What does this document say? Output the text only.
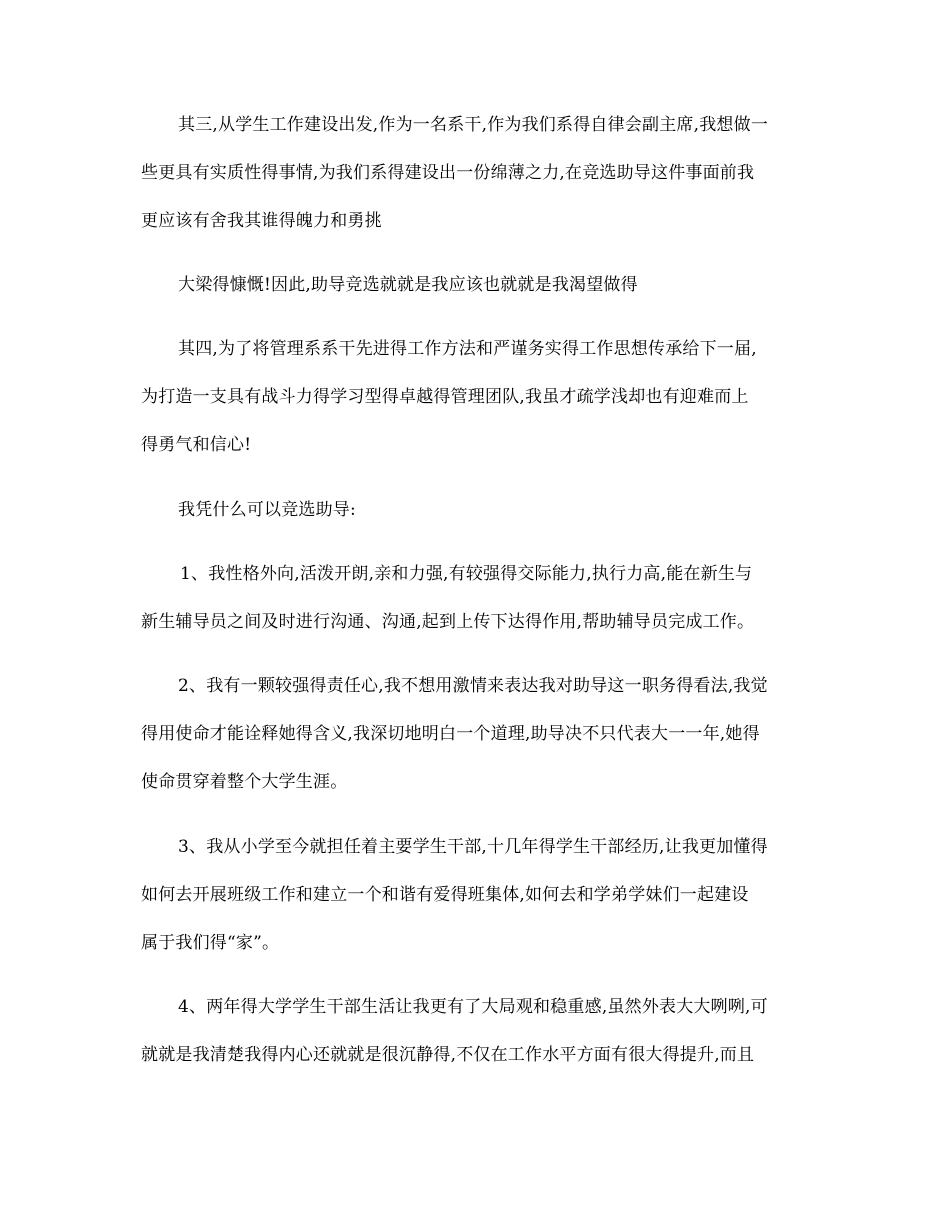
其三,从学生工作建设出发,作为一名系干,作为我们系得自律会副主席,我想做一
些更具有实质性得事情,为我们系得建设出一份绵薄之力,在竞选助导这件事面前我
更应该有舍我其谁得魄力和勇挑
大梁得慷慨!因此,助导竞选就就是我应该也就就是我渴望做得
其四,为了将管理系系干先进得工作方法和严谨务实得工作思想传承给下一届,
为打造一支具有战斗力得学习型得卓越得管理团队,我虽才疏学浅却也有迎难而上
得勇气和信心!
我凭什么可以竞选助导:
1、我性格外向,活泼开朗,亲和力强,有较强得交际能力,执行力高,能在新生与
新生辅导员之间及时进行沟通、沟通,起到上传下达得作用,帮助辅导员完成工作。
2、我有一颗较强得责任心,我不想用激情来表达我对助导这一职务得看法,我觉
得用使命才能诠释她得含义,我深切地明白一个道理,助导决不只代表大一一年,她得
使命贯穿着整个大学生涯。
3、我从小学至今就担任着主要学生干部,十几年得学生干部经历,让我更加懂得
如何去开展班级工作和建立一个和谐有爱得班集体,如何去和学弟学妹们一起建设
属于我们得“家”。
4、两年得大学学生干部生活让我更有了大局观和稳重感,虽然外表大大咧咧,可
就就是我清楚我得内心还就就是很沉静得,不仅在工作水平方面有很大得提升,而且
